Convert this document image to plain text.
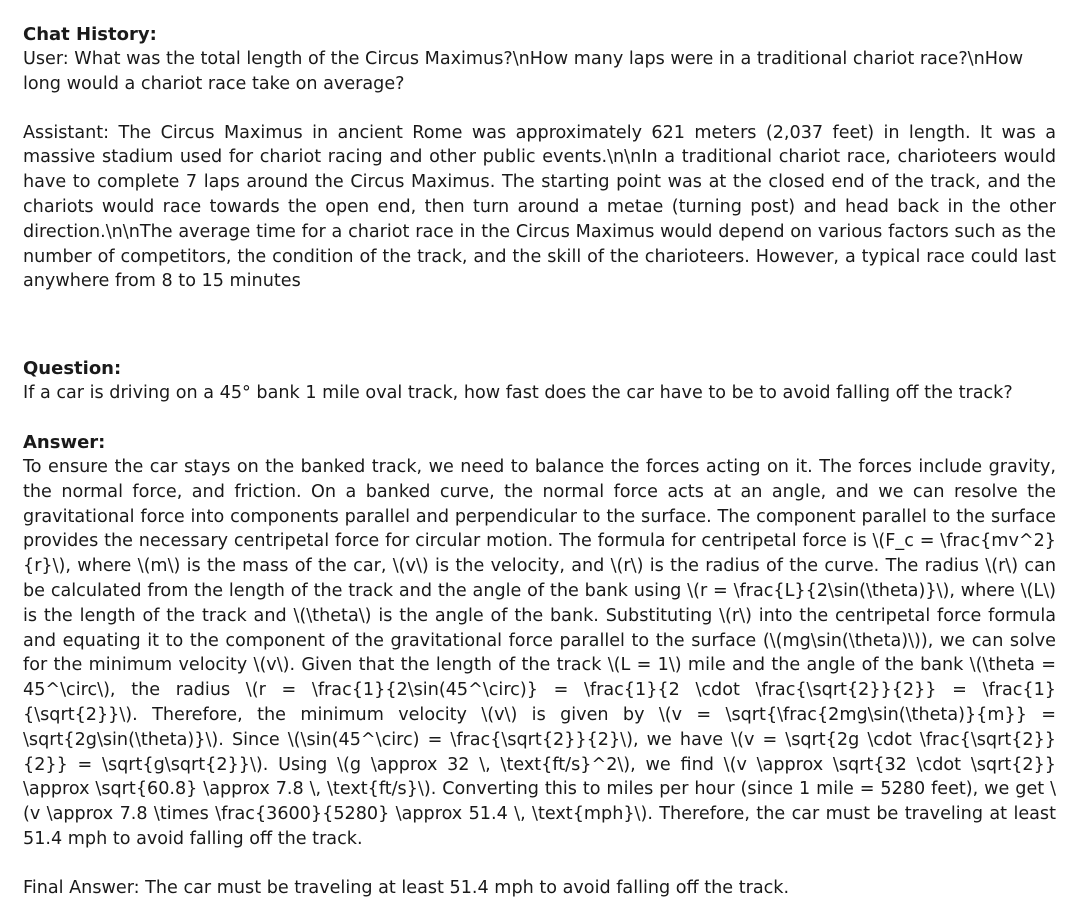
Chat History:

User: What was the total length of the Circus Maximus?\nHow many laps were in a traditional chariot race?\nHow long would a chariot race take on average?

Assistant: The Circus Maximus in ancient Rome was approximately 621 meters (2,037 feet) in length. It was a massive stadium used for chariot racing and other public events.\n\nIn a traditional chariot race, charioteers would have to complete 7 laps around the Circus Maximus. The starting point was at the closed end of the track, and the chariots would race towards the open end, then turn around a metae (turning post) and head back in the other direction.\n\nThe average time for a chariot race in the Circus Maximus would depend on various factors such as the number of competitors, the condition of the track, and the skill of the charioteers. However, a typical race could last anywhere from 8 to 15 minutes

Question:

If a car is driving on a 45° bank 1 mile oval track, how fast does the car have to be to avoid falling off the track?

Answer:

To ensure the car stays on the banked track, we need to balance the forces acting on it. The forces include gravity, the normal force, and friction. On a banked curve, the normal force acts at an angle, and we can resolve the gravitational force into components parallel and perpendicular to the surface. The component parallel to the surface provides the necessary centripetal force for circular motion. The formula for centripetal force is \(F_c = \frac{mv^2}{r}\), where \(m\) is the mass of the car, \(v\) is the velocity, and \(r\) is the radius of the curve. The radius \(r\) can be calculated from the length of the track and the angle of the bank using \(r = \frac{L}{2\sin(\theta)}\), where \(L\) is the length of the track and \(\theta\) is the angle of the bank. Substituting \(r\) into the centripetal force formula and equating it to the component of the gravitational force parallel to the surface (\(mg\sin(\theta)\)), we can solve for the minimum velocity \(v\). Given that the length of the track \(L = 1\) mile and the angle of the bank \(\theta = 45^\circ\), the radius \(r = \frac{1}{2\sin(45^\circ)} = \frac{1}{2 \cdot \frac{\sqrt{2}}{2}} = \frac{1}{\sqrt{2}}\). Therefore, the minimum velocity \(v\) is given by \(v = \sqrt{\frac{2mg\sin(\theta)}{m}} = \sqrt{2g\sin(\theta)}\). Since \(\sin(45^\circ) = \frac{\sqrt{2}}{2}\), we have \(v = \sqrt{2g \cdot \frac{\sqrt{2}}{2}} = \sqrt{g\sqrt{2}}\). Using \(g \approx 32 \, \text{ft/s}^2\), we find \(v \approx \sqrt{32 \cdot \sqrt{2}} \approx \sqrt{60.8} \approx 7.8 \, \text{ft/s}\). Converting this to miles per hour (since 1 mile = 5280 feet), we get \(v \approx 7.8 \times \frac{3600}{5280} \approx 51.4 \, \text{mph}\). Therefore, the car must be traveling at least 51.4 mph to avoid falling off the track.

Final Answer: The car must be traveling at least 51.4 mph to avoid falling off the track.
